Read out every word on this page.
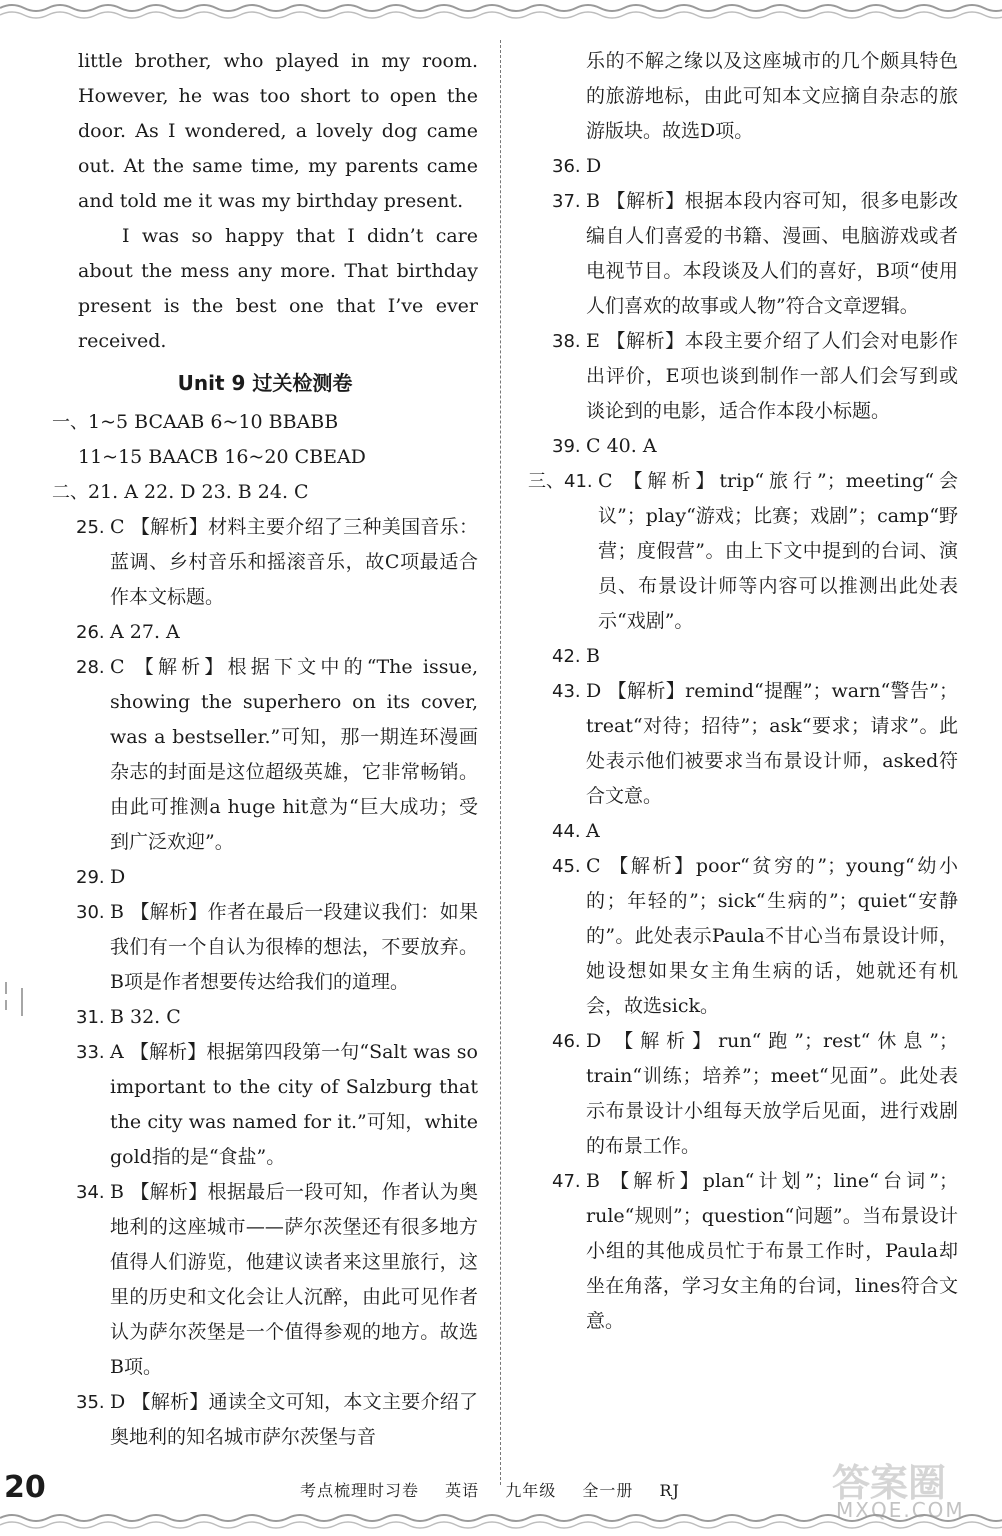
little brother, who played in my room. However, he was too short to open the door. As I wondered, a lovely dog came out. At the same time, my parents came and told me it was my birthday present.

I was so happy that I didn’t care about the mess any more. That birthday present is the best one that I’ve ever received.

Unit 9 过关检测卷

一、1~5 BCAAB 6~10 BBABB

11~15 BAACB 16~20 CBEAD

二、21. A 22. D 23. B 24. C

25. C 【解析】材料主要介绍了三种美国音乐：蓝调、乡村音乐和摇滚音乐，故C项最适合作本文标题。

26. A 27. A

28. C 【解析】根据下文中的“The issue, showing the superhero on its cover, was a bestseller.”可知，那一期连环漫画杂志的封面是这位超级英雄，它非常畅销。由此可推测a huge hit意为“巨大成功；受到广泛欢迎”。

29. D

30. B 【解析】作者在最后一段建议我们：如果我们有一个自认为很棒的想法，不要放弃。B项是作者想要传达给我们的道理。

31. B 32. C

33. A 【解析】根据第四段第一句“Salt was so important to the city of Salzburg that the city was named for it.”可知，white gold指的是“食盐”。

34. B 【解析】根据最后一段可知，作者认为奥地利的这座城市——萨尔茨堡还有很多地方值得人们游览，他建议读者来这里旅行，这里的历史和文化会让人沉醉，由此可见作者认为萨尔茨堡是一个值得参观的地方。故选B项。

35. D 【解析】通读全文可知，本文主要介绍了奥地利的知名城市萨尔茨堡与音

乐的不解之缘以及这座城市的几个颇具特色的旅游地标，由此可知本文应摘自杂志的旅游版块。故选D项。

36. D

37. B 【解析】根据本段内容可知，很多电影改编自人们喜爱的书籍、漫画、电脑游戏或者电视节目。本段谈及人们的喜好，B项“使用人们喜欢的故事或人物”符合文章逻辑。

38. E 【解析】本段主要介绍了人们会对电影作出评价，E项也谈到制作一部人们会写到或谈论到的电影，适合作本段小标题。

39. C 40. A

三、41. C 【解析】trip“旅行”；meeting“会议”；play“游戏；比赛；戏剧”；camp“野营；度假营”。由上下文中提到的台词、演员、布景设计师等内容可以推测出此处表示“戏剧”。

42. B

43. D 【解析】remind“提醒”；warn“警告”；treat“对待；招待”；ask“要求；请求”。此处表示他们被要求当布景设计师，asked符合文意。

44. A

45. C 【解析】poor“贫穷的”；young“幼小的；年轻的”；sick“生病的”；quiet“安静的”。此处表示Paula不甘心当布景设计师，她设想如果女主角生病的话，她就还有机会，故选sick。

46. D 【解析】run“跑”；rest“休息”；train“训练；培养”；meet“见面”。此处表示布景设计小组每天放学后见面，进行戏剧的布景工作。

47. B 【解析】plan“计划”；line“台词”；rule“规则”；question“问题”。当布景设计小组的其他成员忙于布景工作时，Paula却坐在角落，学习女主角的台词，lines符合文意。

20	考点梳理时习卷 英语 九年级 全一册 RJ	答案圈
MXQE.COM
